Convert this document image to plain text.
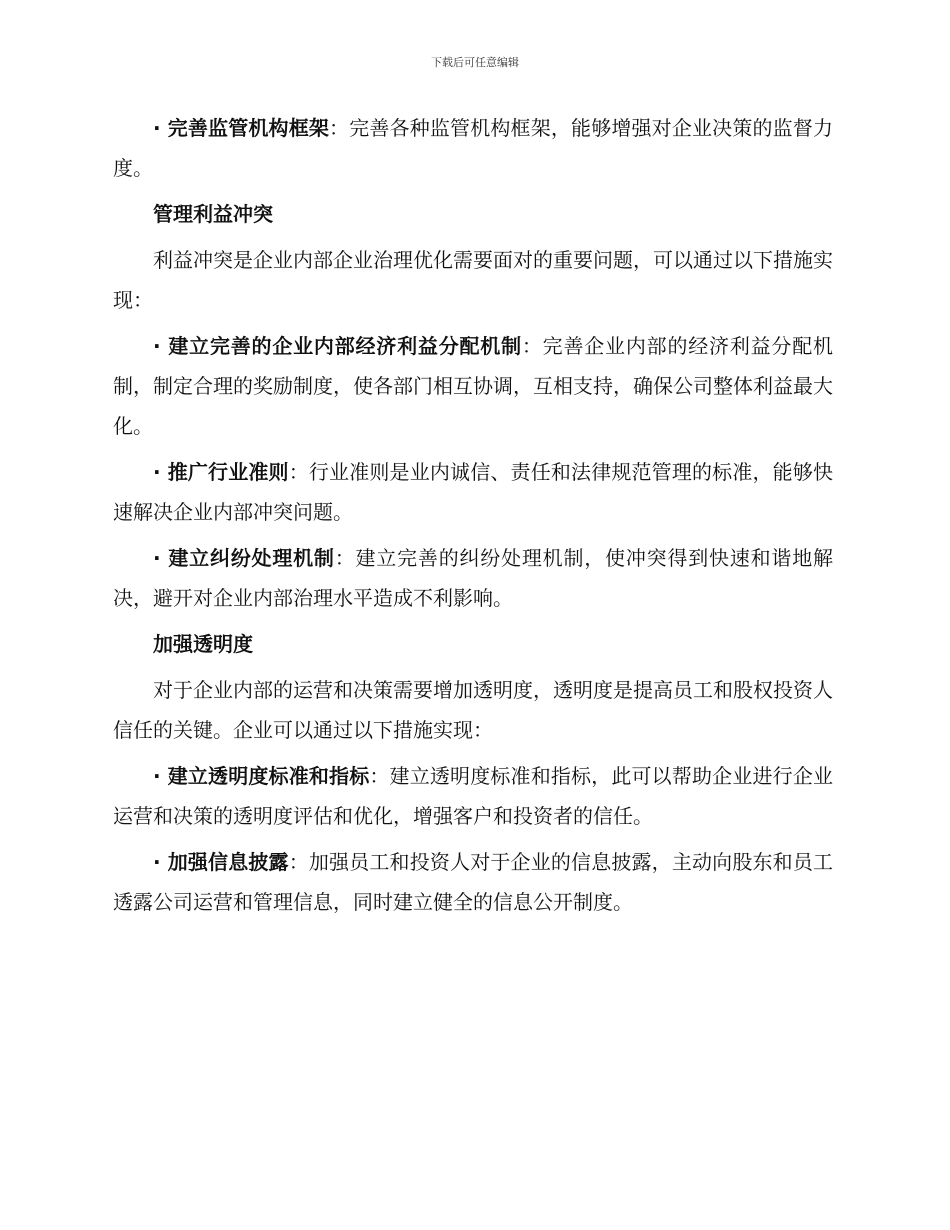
下载后可任意编辑

· 完善监管机构框架：完善各种监管机构框架，能够增强对企业决策的监督力度。

管理利益冲突

利益冲突是企业内部企业治理优化需要面对的重要问题，可以通过以下措施实现：

· 建立完善的企业内部经济利益分配机制：完善企业内部的经济利益分配机制，制定合理的奖励制度，使各部门相互协调，互相支持，确保公司整体利益最大化。

· 推广行业准则：行业准则是业内诚信、责任和法律规范管理的标准，能够快速解决企业内部冲突问题。

· 建立纠纷处理机制：建立完善的纠纷处理机制，使冲突得到快速和谐地解决，避开对企业内部治理水平造成不利影响。

加强透明度

对于企业内部的运营和决策需要增加透明度，透明度是提高员工和股权投资人信任的关键。企业可以通过以下措施实现：

· 建立透明度标准和指标：建立透明度标准和指标，此可以帮助企业进行企业运营和决策的透明度评估和优化，增强客户和投资者的信任。

· 加强信息披露：加强员工和投资人对于企业的信息披露，主动向股东和员工透露公司运营和管理信息，同时建立健全的信息公开制度。
